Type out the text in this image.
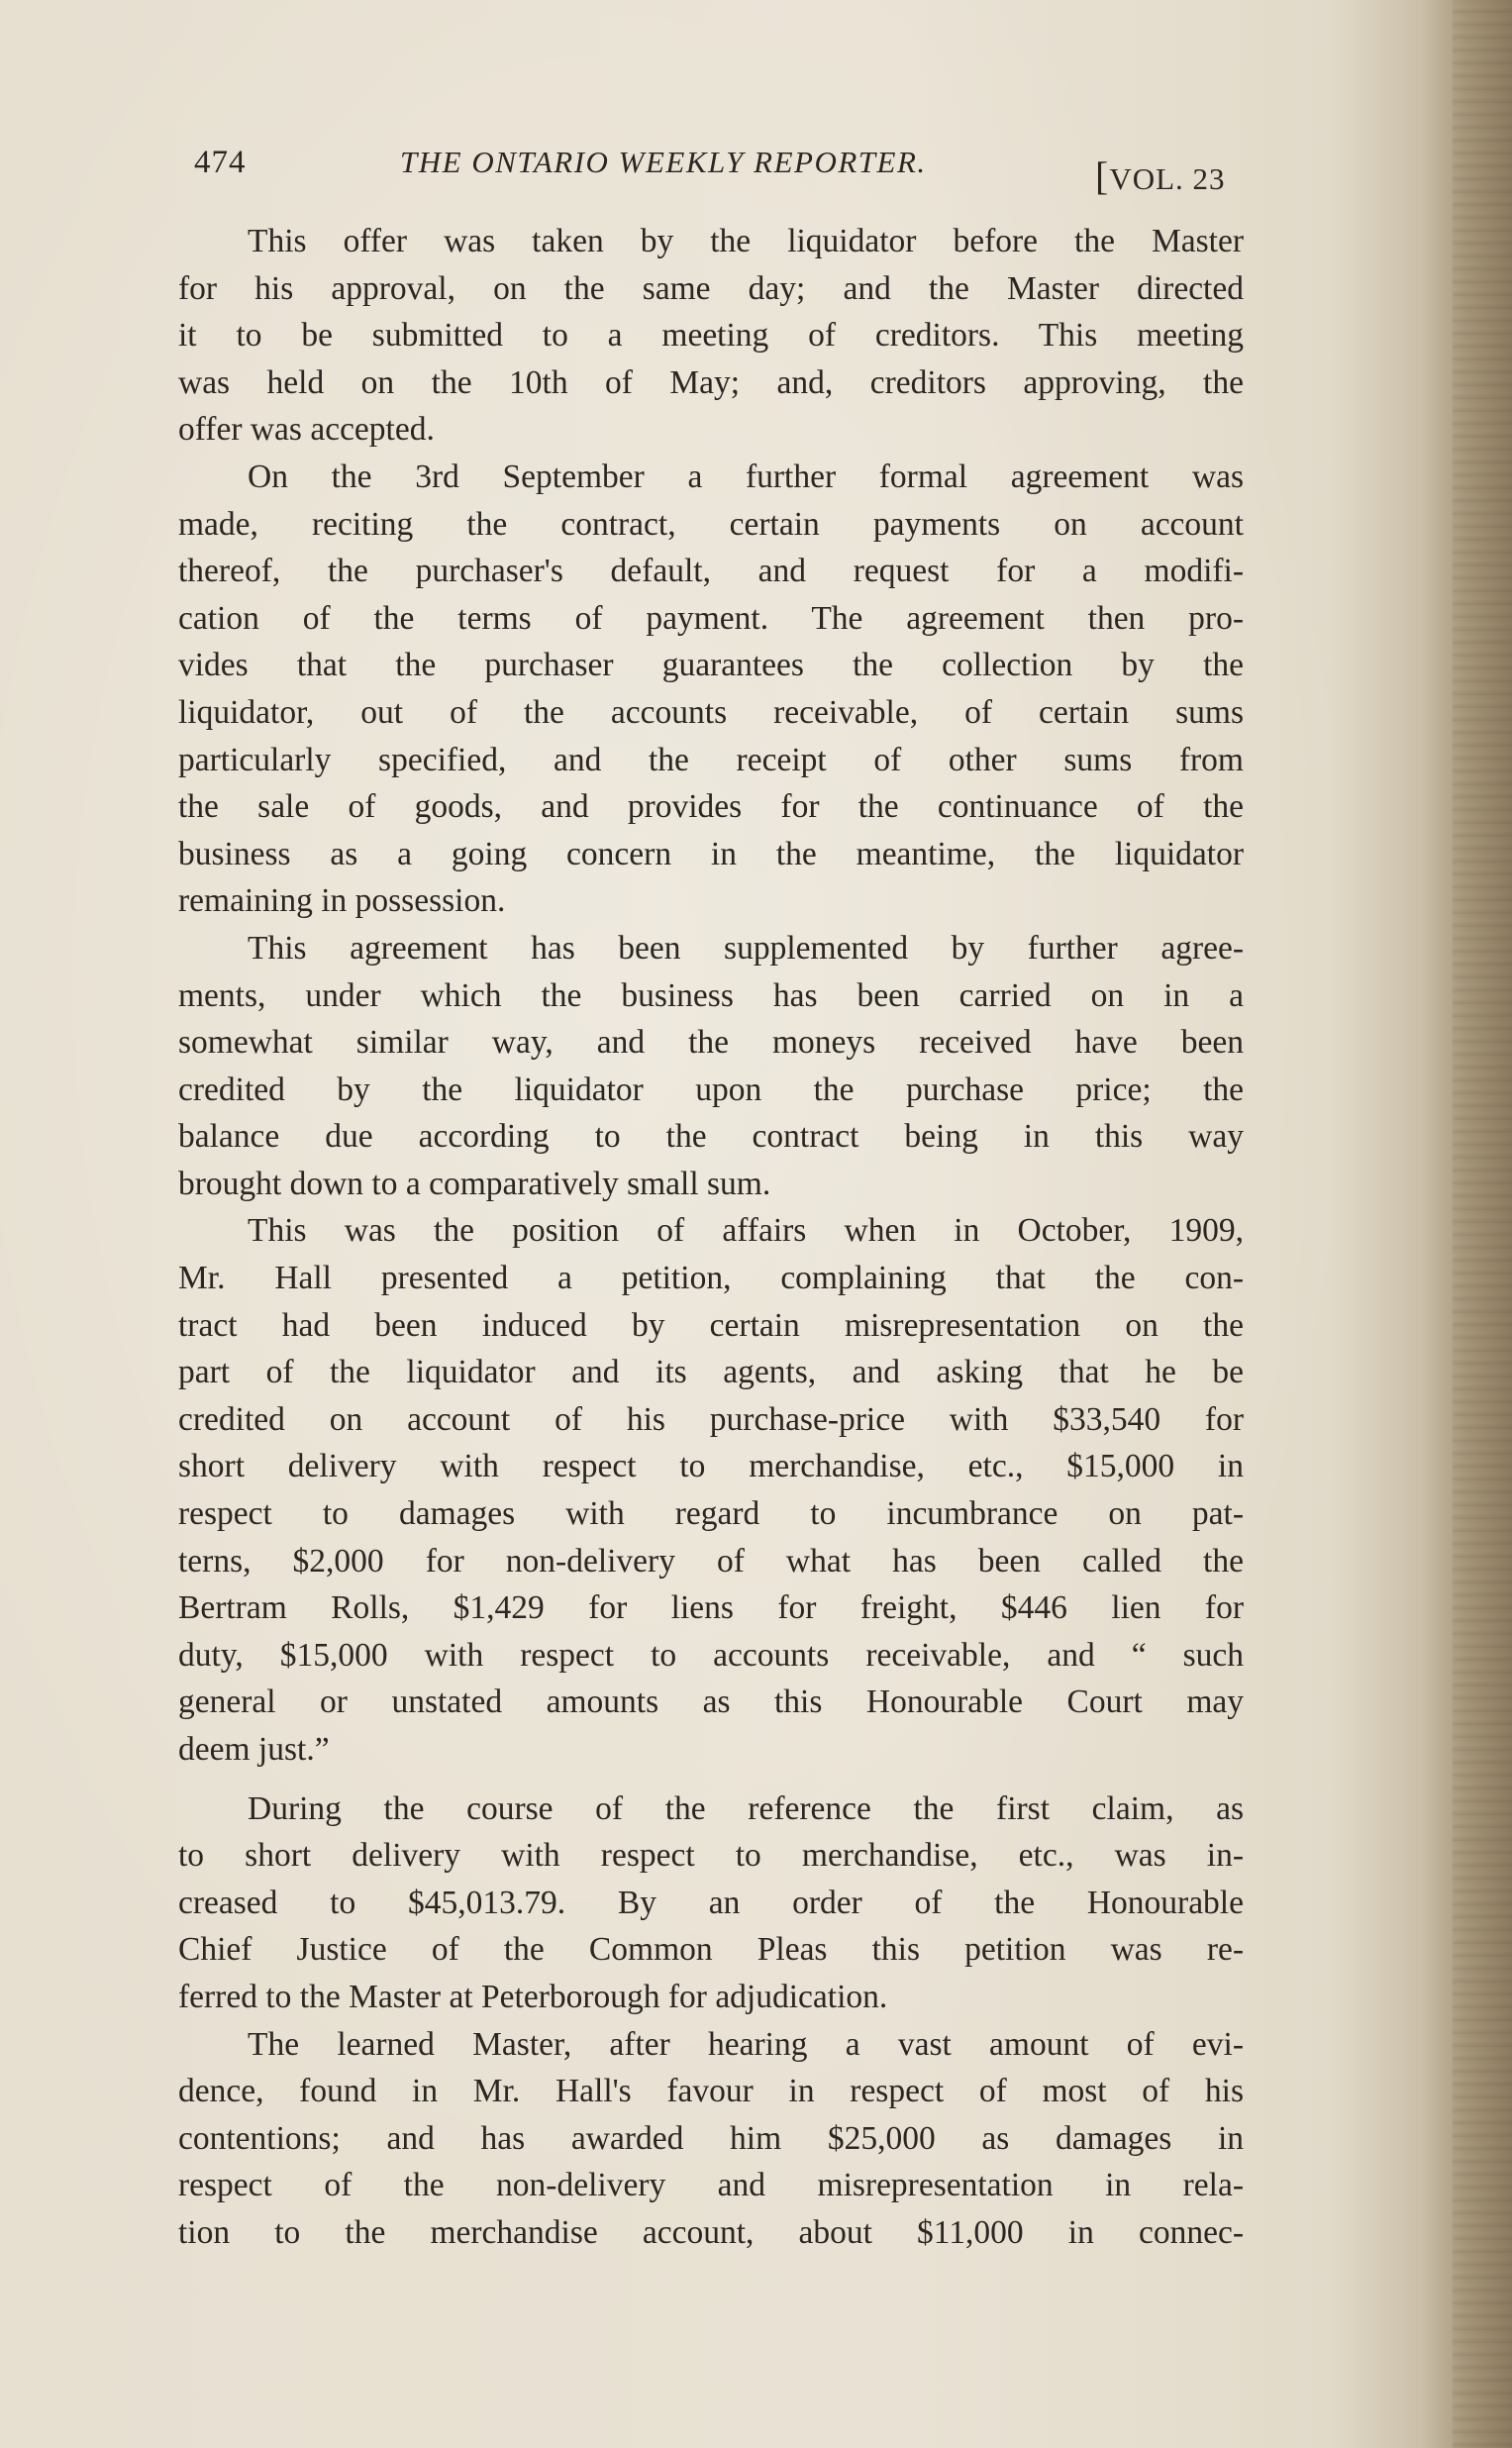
474	THE ONTARIO WEEKLY REPORTER.	[VOL. 23
This offer was taken by the liquidator before the Master
for his approval, on the same day; and the Master directed
it to be submitted to a meeting of creditors. This meeting
was held on the 10th of May; and, creditors approving, the
offer was accepted.
On the 3rd September a further formal agreement was
made, reciting the contract, certain payments on account
thereof, the purchaser's default, and request for a modifi-
cation of the terms of payment. The agreement then pro-
vides that the purchaser guarantees the collection by the
liquidator, out of the accounts receivable, of certain sums
particularly specified, and the receipt of other sums from
the sale of goods, and provides for the continuance of the
business as a going concern in the meantime, the liquidator
remaining in possession.
This agreement has been supplemented by further agree-
ments, under which the business has been carried on in a
somewhat similar way, and the moneys received have been
credited by the liquidator upon the purchase price; the
balance due according to the contract being in this way
brought down to a comparatively small sum.
This was the position of affairs when in October, 1909,
Mr. Hall presented a petition, complaining that the con-
tract had been induced by certain misrepresentation on the
part of the liquidator and its agents, and asking that he be
credited on account of his purchase-price with $33,540 for
short delivery with respect to merchandise, etc., $15,000 in
respect to damages with regard to incumbrance on pat-
terns, $2,000 for non-delivery of what has been called the
Bertram Rolls, $1,429 for liens for freight, $446 lien for
duty, $15,000 with respect to accounts receivable, and “ such
general or unstated amounts as this Honourable Court may
deem just.”
During the course of the reference the first claim, as
to short delivery with respect to merchandise, etc., was in-
creased to $45,013.79. By an order of the Honourable
Chief Justice of the Common Pleas this petition was re-
ferred to the Master at Peterborough for adjudication.
The learned Master, after hearing a vast amount of evi-
dence, found in Mr. Hall's favour in respect of most of his
contentions; and has awarded him $25,000 as damages in
respect of the non-delivery and misrepresentation in rela-
tion to the merchandise account, about $11,000 in connec-
